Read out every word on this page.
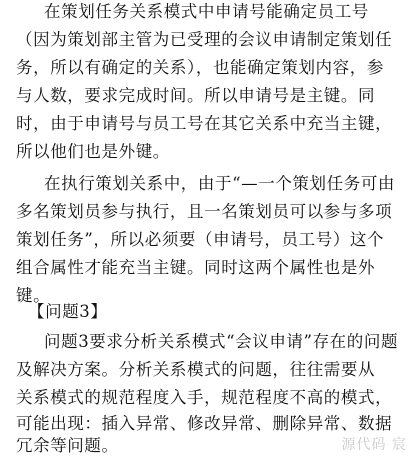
在策划任务关系模式中申请号能确定员工号
（因为策划部主管为已受理的会议申请制定策划任
务，所以有确定的关系），也能确定策划内容，参
与人数，要求完成时间。所以申请号是主键。同
时，由于申请号与员工号在其它关系中充当主键，
所以他们也是外键。
在执行策划关系中，由于“—一个策划任务可由
多名策划员参与执行，且一名策划员可以参与多项
策划任务”，所以必须要（申请号，员工号）这个
组合属性才能充当主键。同时这两个属性也是外
键。
【问题3】
问题3要求分析关系模式“会议申请”存在的问题
及解决方案。分析关系模式的问题，往往需要从
关系模式的规范程度入手，规范程度不高的模式，
可能出现：插入异常、修改异常、删除异常、数据
冗余等问题。	源代码 宸
